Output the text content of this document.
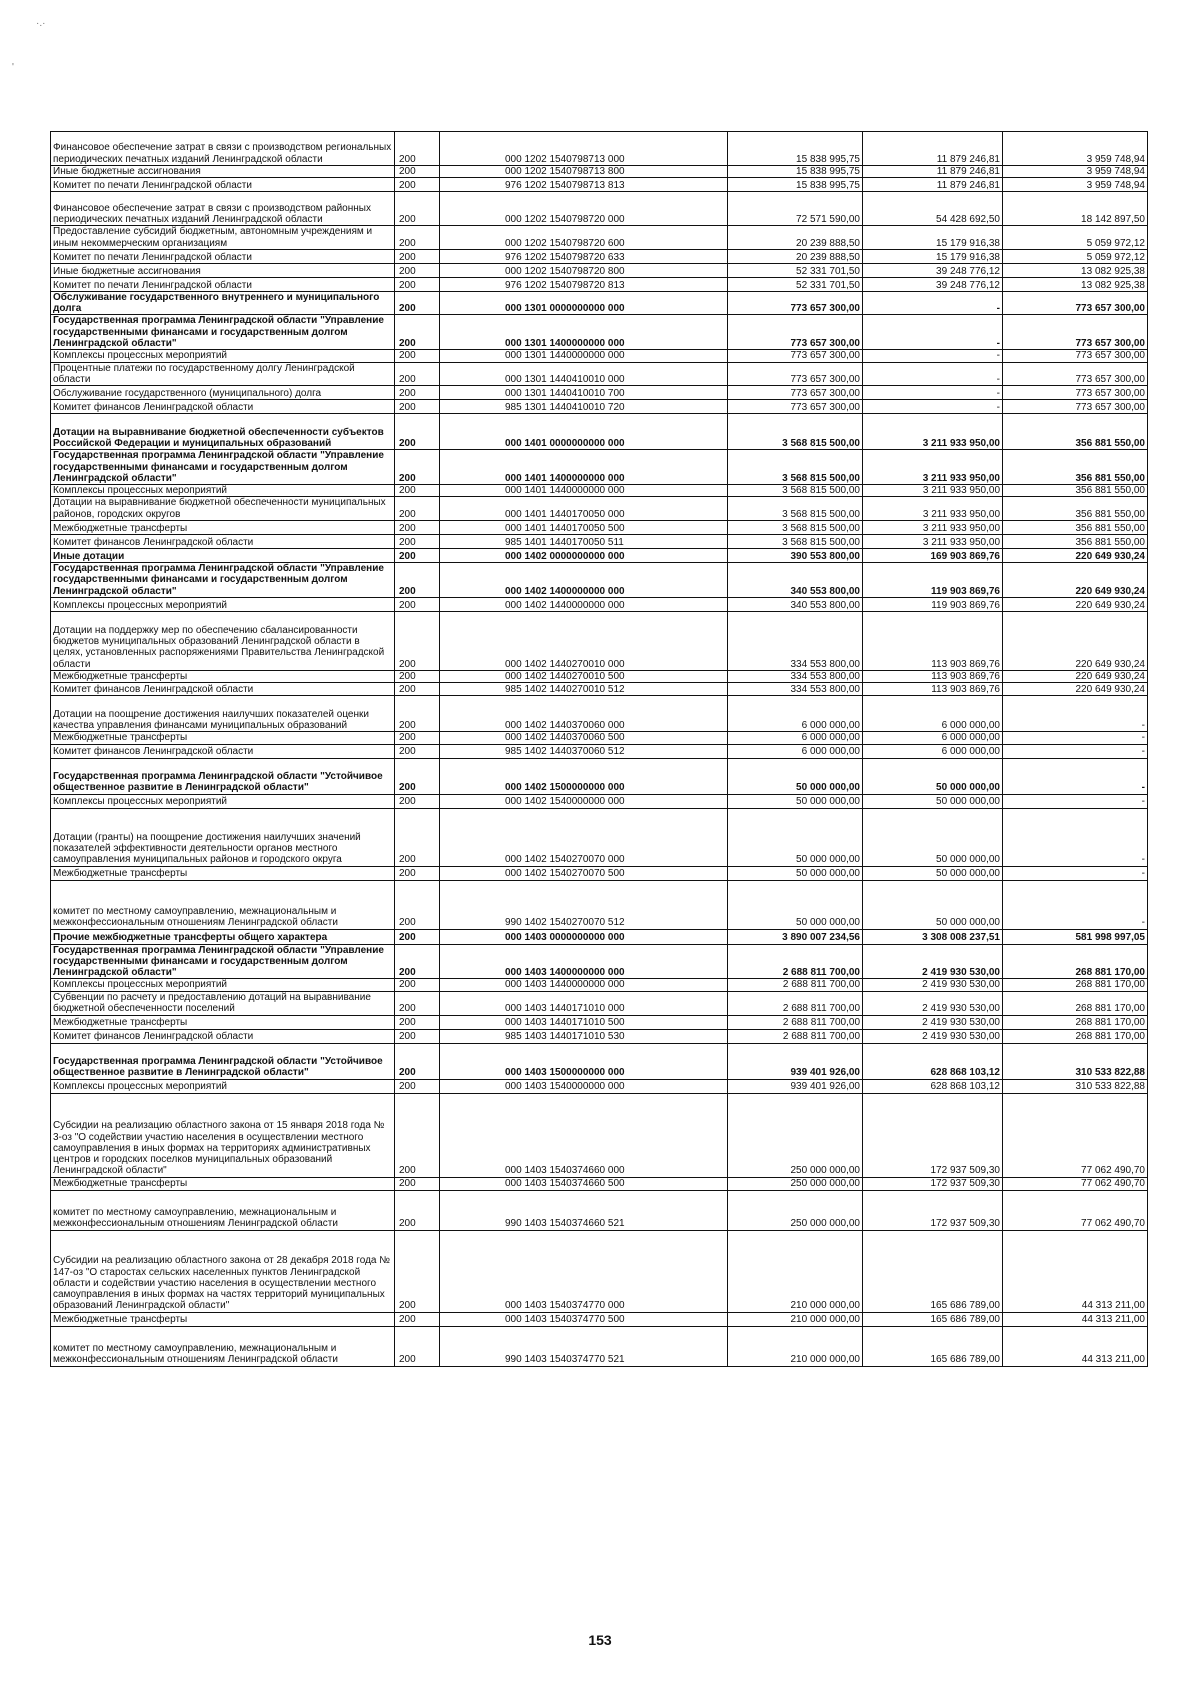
·.·
'
Финансовое обеспечение затрат в связи с производством региональных периодических печатных изданий Ленинградской области	200	000 1202 1540798713 000	15 838 995,75	11 879 246,81	3 959 748,94
Иные бюджетные ассигнования	200	000 1202 1540798713 800	15 838 995,75	11 879 246,81	3 959 748,94
Комитет по печати Ленинградской области	200	976 1202 1540798713 813	15 838 995,75	11 879 246,81	3 959 748,94
Финансовое обеспечение затрат в связи с производством районных периодических печатных изданий Ленинградской области	200	000 1202 1540798720 000	72 571 590,00	54 428 692,50	18 142 897,50
Предоставление субсидий бюджетным, автономным учреждениям и иным некоммерческим организациям	200	000 1202 1540798720 600	20 239 888,50	15 179 916,38	5 059 972,12
Комитет по печати Ленинградской области	200	976 1202 1540798720 633	20 239 888,50	15 179 916,38	5 059 972,12
Иные бюджетные ассигнования	200	000 1202 1540798720 800	52 331 701,50	39 248 776,12	13 082 925,38
Комитет по печати Ленинградской области	200	976 1202 1540798720 813	52 331 701,50	39 248 776,12	13 082 925,38
Обслуживание государственного внутреннего и муниципального долга	200	000 1301 0000000000 000	773 657 300,00	-	773 657 300,00
Государственная программа Ленинградской области "Управление государственными финансами и государственным долгом Ленинградской области"	200	000 1301 1400000000 000	773 657 300,00	-	773 657 300,00
Комплексы процессных мероприятий	200	000 1301 1440000000 000	773 657 300,00	-	773 657 300,00
Процентные платежи по государственному долгу Ленинградской области	200	000 1301 1440410010 000	773 657 300,00	-	773 657 300,00
Обслуживание государственного (муниципального) долга	200	000 1301 1440410010 700	773 657 300,00	-	773 657 300,00
Комитет финансов Ленинградской области	200	985 1301 1440410010 720	773 657 300,00	-	773 657 300,00
Дотации на выравнивание бюджетной обеспеченности субъектов Российской Федерации и муниципальных образований	200	000 1401 0000000000 000	3 568 815 500,00	3 211 933 950,00	356 881 550,00
Государственная программа Ленинградской области "Управление государственными финансами и государственным долгом Ленинградской области"	200	000 1401 1400000000 000	3 568 815 500,00	3 211 933 950,00	356 881 550,00
Комплексы процессных мероприятий	200	000 1401 1440000000 000	3 568 815 500,00	3 211 933 950,00	356 881 550,00
Дотации на выравнивание бюджетной обеспеченности муниципальных районов, городских округов	200	000 1401 1440170050 000	3 568 815 500,00	3 211 933 950,00	356 881 550,00
Межбюджетные трансферты	200	000 1401 1440170050 500	3 568 815 500,00	3 211 933 950,00	356 881 550,00
Комитет финансов Ленинградской области	200	985 1401 1440170050 511	3 568 815 500,00	3 211 933 950,00	356 881 550,00
Иные дотации	200	000 1402 0000000000 000	390 553 800,00	169 903 869,76	220 649 930,24
Государственная программа Ленинградской области "Управление государственными финансами и государственным долгом Ленинградской области"	200	000 1402 1400000000 000	340 553 800,00	119 903 869,76	220 649 930,24
Комплексы процессных мероприятий	200	000 1402 1440000000 000	340 553 800,00	119 903 869,76	220 649 930,24
Дотации на поддержку мер по обеспечению сбалансированности бюджетов муниципальных образований Ленинградской области в целях, установленных распоряжениями Правительства Ленинградской области	200	000 1402 1440270010 000	334 553 800,00	113 903 869,76	220 649 930,24
Межбюджетные трансферты	200	000 1402 1440270010 500	334 553 800,00	113 903 869,76	220 649 930,24
Комитет финансов Ленинградской области	200	985 1402 1440270010 512	334 553 800,00	113 903 869,76	220 649 930,24
Дотации на поощрение достижения наилучших показателей оценки качества управления финансами муниципальных образований	200	000 1402 1440370060 000	6 000 000,00	6 000 000,00	-
Межбюджетные трансферты	200	000 1402 1440370060 500	6 000 000,00	6 000 000,00	-
Комитет финансов Ленинградской области	200	985 1402 1440370060 512	6 000 000,00	6 000 000,00	-
Государственная программа Ленинградской области "Устойчивое общественное развитие в Ленинградской области"	200	000 1402 1500000000 000	50 000 000,00	50 000 000,00	-
Комплексы процессных мероприятий	200	000 1402 1540000000 000	50 000 000,00	50 000 000,00	-
Дотации (гранты) на поощрение достижения наилучших значений показателей эффективности деятельности органов местного самоуправления муниципальных районов и городского округа	200	000 1402 1540270070 000	50 000 000,00	50 000 000,00	-
Межбюджетные трансферты	200	000 1402 1540270070 500	50 000 000,00	50 000 000,00	-
комитет по местному самоуправлению, межнациональным и межконфессиональным отношениям Ленинградской области	200	990 1402 1540270070 512	50 000 000,00	50 000 000,00	-
Прочие межбюджетные трансферты общего характера	200	000 1403 0000000000 000	3 890 007 234,56	3 308 008 237,51	581 998 997,05
Государственная программа Ленинградской области "Управление государственными финансами и государственным долгом Ленинградской области"	200	000 1403 1400000000 000	2 688 811 700,00	2 419 930 530,00	268 881 170,00
Комплексы процессных мероприятий	200	000 1403 1440000000 000	2 688 811 700,00	2 419 930 530,00	268 881 170,00
Субвенции по расчету и предоставлению дотаций на выравнивание бюджетной обеспеченности поселений	200	000 1403 1440171010 000	2 688 811 700,00	2 419 930 530,00	268 881 170,00
Межбюджетные трансферты	200	000 1403 1440171010 500	2 688 811 700,00	2 419 930 530,00	268 881 170,00
Комитет финансов Ленинградской области	200	985 1403 1440171010 530	2 688 811 700,00	2 419 930 530,00	268 881 170,00
Государственная программа Ленинградской области "Устойчивое общественное развитие в Ленинградской области"	200	000 1403 1500000000 000	939 401 926,00	628 868 103,12	310 533 822,88
Комплексы процессных мероприятий	200	000 1403 1540000000 000	939 401 926,00	628 868 103,12	310 533 822,88
Субсидии на реализацию областного закона от 15 января 2018 года № 3-оз "О содействии участию населения в осуществлении местного самоуправления в иных формах на территориях административных центров и городских поселков муниципальных образований Ленинградской области"	200	000 1403 1540374660 000	250 000 000,00	172 937 509,30	77 062 490,70
Межбюджетные трансферты	200	000 1403 1540374660 500	250 000 000,00	172 937 509,30	77 062 490,70
комитет по местному самоуправлению, межнациональным и межконфессиональным отношениям Ленинградской области	200	990 1403 1540374660 521	250 000 000,00	172 937 509,30	77 062 490,70
Субсидии на реализацию областного закона от 28 декабря 2018 года № 147-оз "О старостах сельских населенных пунктов Ленинградской области и содействии участию населения в осуществлении местного самоуправления в иных формах на частях территорий муниципальных образований Ленинградской области"	200	000 1403 1540374770 000	210 000 000,00	165 686 789,00	44 313 211,00
Межбюджетные трансферты	200	000 1403 1540374770 500	210 000 000,00	165 686 789,00	44 313 211,00
комитет по местному самоуправлению, межнациональным и межконфессиональным отношениям Ленинградской области	200	990 1403 1540374770 521	210 000 000,00	165 686 789,00	44 313 211,00
153
